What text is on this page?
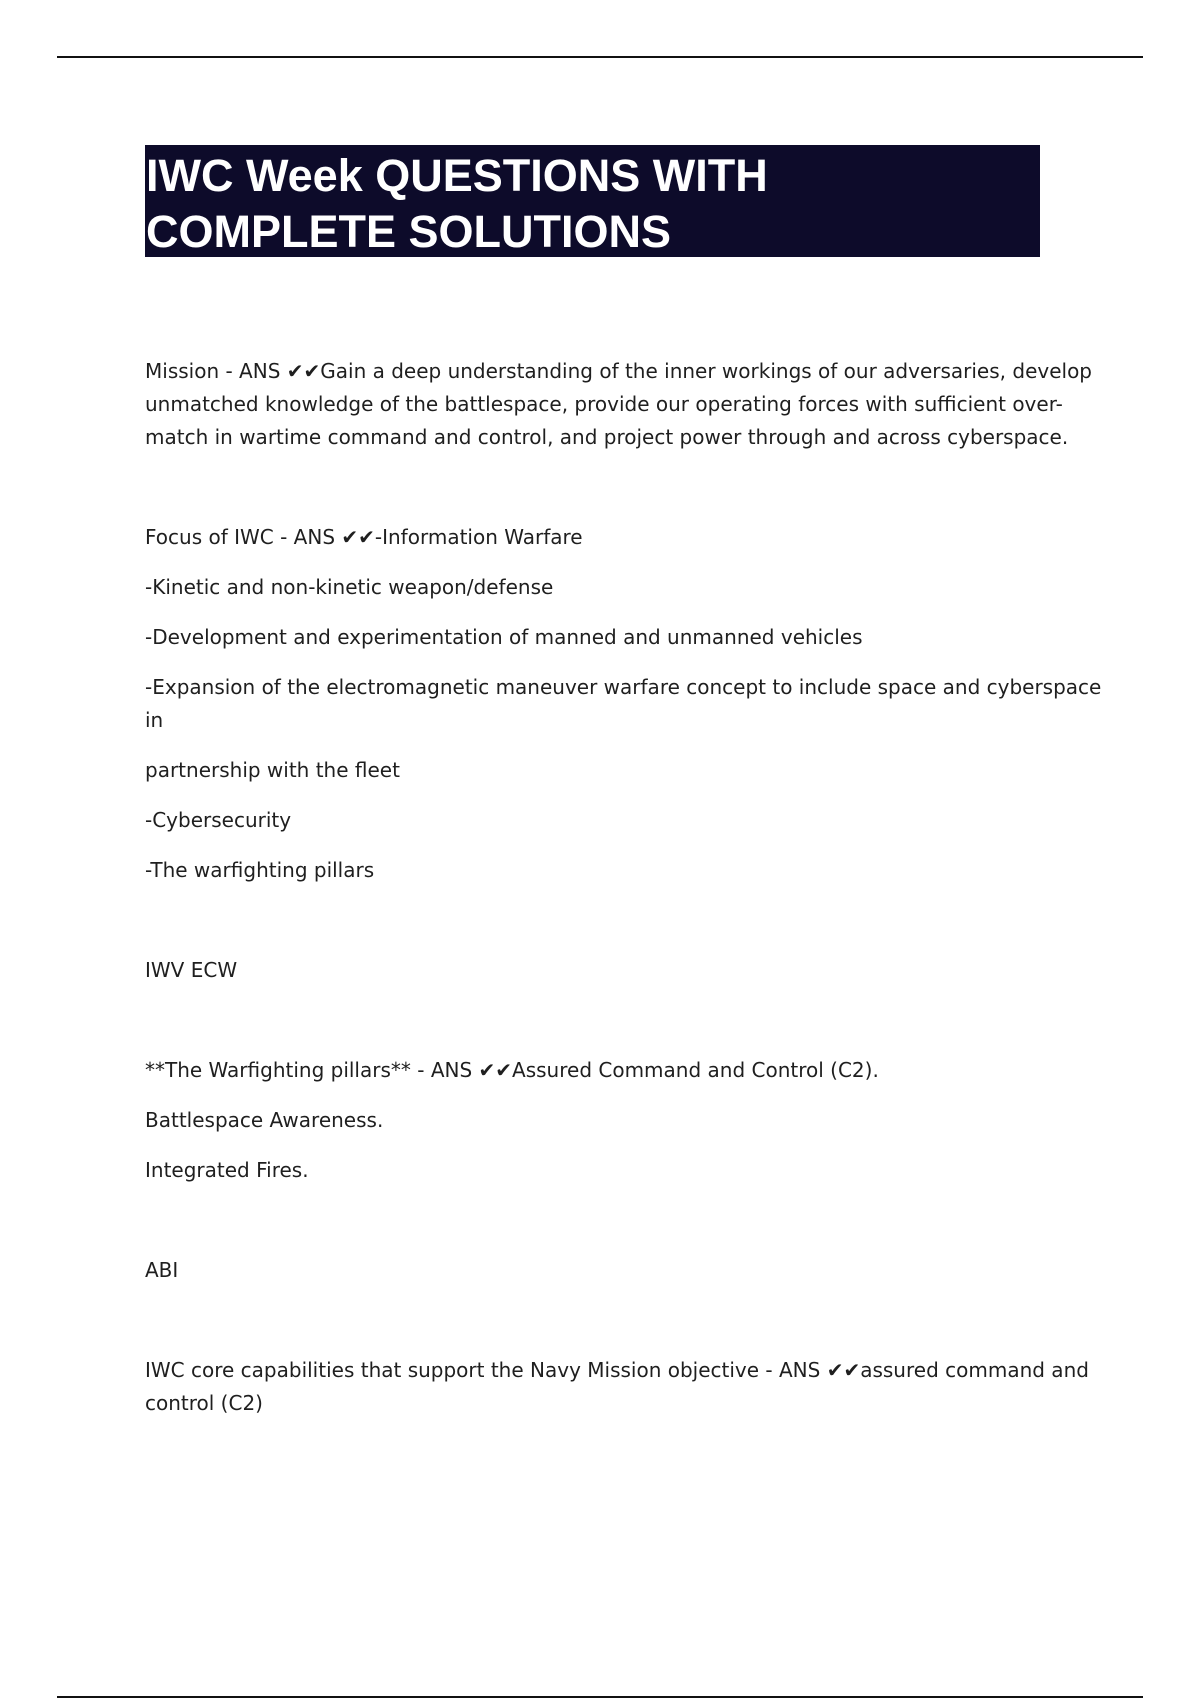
IWC Week QUESTIONS WITH
COMPLETE SOLUTIONS

Mission - ANS ✔✔Gain a deep understanding of the inner workings of our adversaries, develop
unmatched knowledge of the battlespace, provide our operating forces with sufficient over-
match in wartime command and control, and project power through and across cyberspace.

Focus of IWC - ANS ✔✔-Information Warfare

-Kinetic and non-kinetic weapon/defense

-Development and experimentation of manned and unmanned vehicles

-Expansion of the electromagnetic maneuver warfare concept to include space and cyberspace
in

partnership with the fleet

-Cybersecurity

-The warfighting pillars

IWV ECW

**The Warfighting pillars** - ANS ✔✔Assured Command and Control (C2).

Battlespace Awareness.

Integrated Fires.

ABI

IWC core capabilities that support the Navy Mission objective - ANS ✔✔assured command and
control (C2)
